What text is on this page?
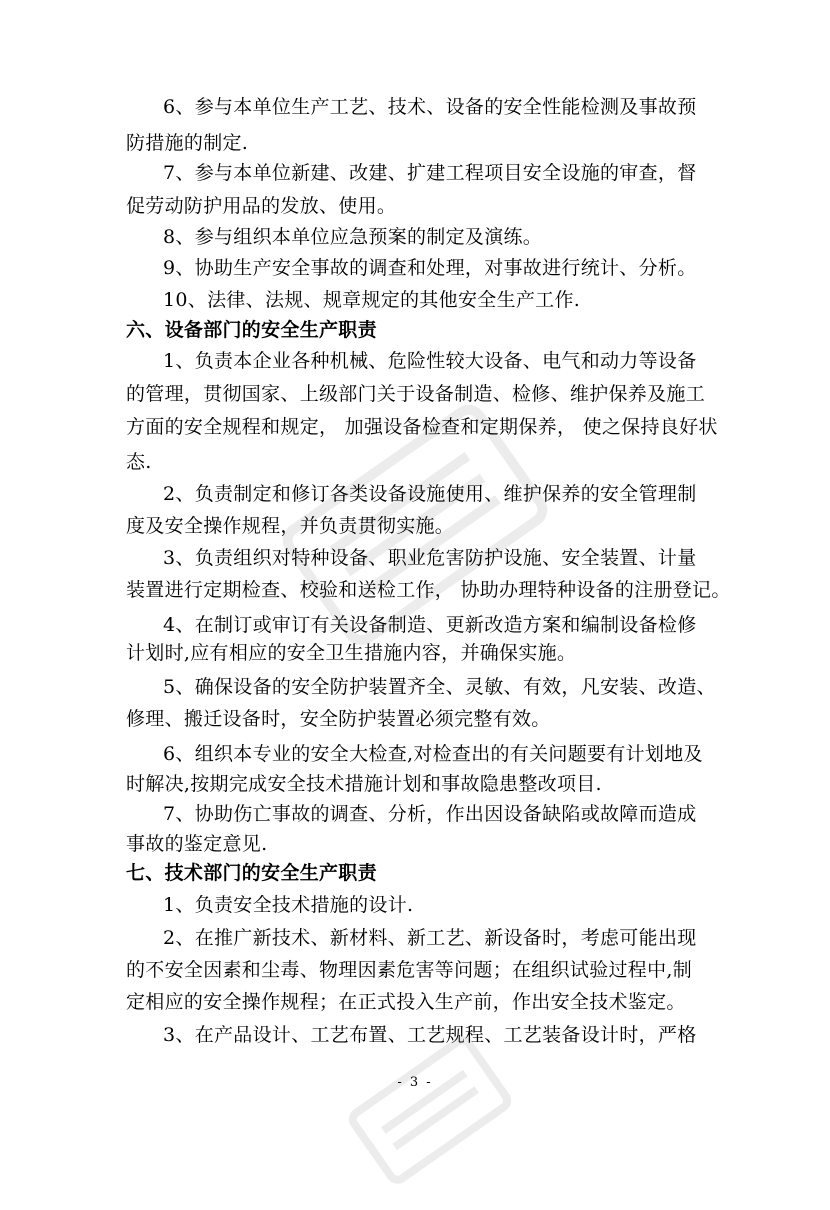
6、参与本单位生产工艺、技术、设备的安全性能检测及事故预
防措施的制定.
7、参与本单位新建、改建、扩建工程项目安全设施的审查，督
促劳动防护用品的发放、使用。
8、参与组织本单位应急预案的制定及演练。
9、协助生产安全事故的调查和处理，对事故进行统计、分析。
10、法律、法规、规章规定的其他安全生产工作.
六、设备部门的安全生产职责
1、负责本企业各种机械、危险性较大设备、电气和动力等设备
的管理，贯彻国家、上级部门关于设备制造、检修、维护保养及施工
方面的安全规程和规定， 加强设备检查和定期保养， 使之保持良好状
态.
2、负责制定和修订各类设备设施使用、维护保养的安全管理制
度及安全操作规程，并负责贯彻实施。
3、负责组织对特种设备、职业危害防护设施、安全装置、计量
装置进行定期检查、校验和送检工作， 协助办理特种设备的注册登记。
4、在制订或审订有关设备制造、更新改造方案和编制设备检修
计划时,应有相应的安全卫生措施内容，并确保实施。
5、确保设备的安全防护装置齐全、灵敏、有效，凡安装、改造、
修理、搬迁设备时，安全防护装置必须完整有效。
6、组织本专业的安全大检查,对检查出的有关问题要有计划地及
时解决,按期完成安全技术措施计划和事故隐患整改项目.
7、协助伤亡事故的调查、分析，作出因设备缺陷或故障而造成
事故的鉴定意见.
七、技术部门的安全生产职责
1、负责安全技术措施的设计.
2、在推广新技术、新材料、新工艺、新设备时，考虑可能出现
的不安全因素和尘毒、物理因素危害等问题；在组织试验过程中,制
定相应的安全操作规程；在正式投入生产前，作出安全技术鉴定。
3、在产品设计、工艺布置、工艺规程、工艺装备设计时，严格
- 3 -
